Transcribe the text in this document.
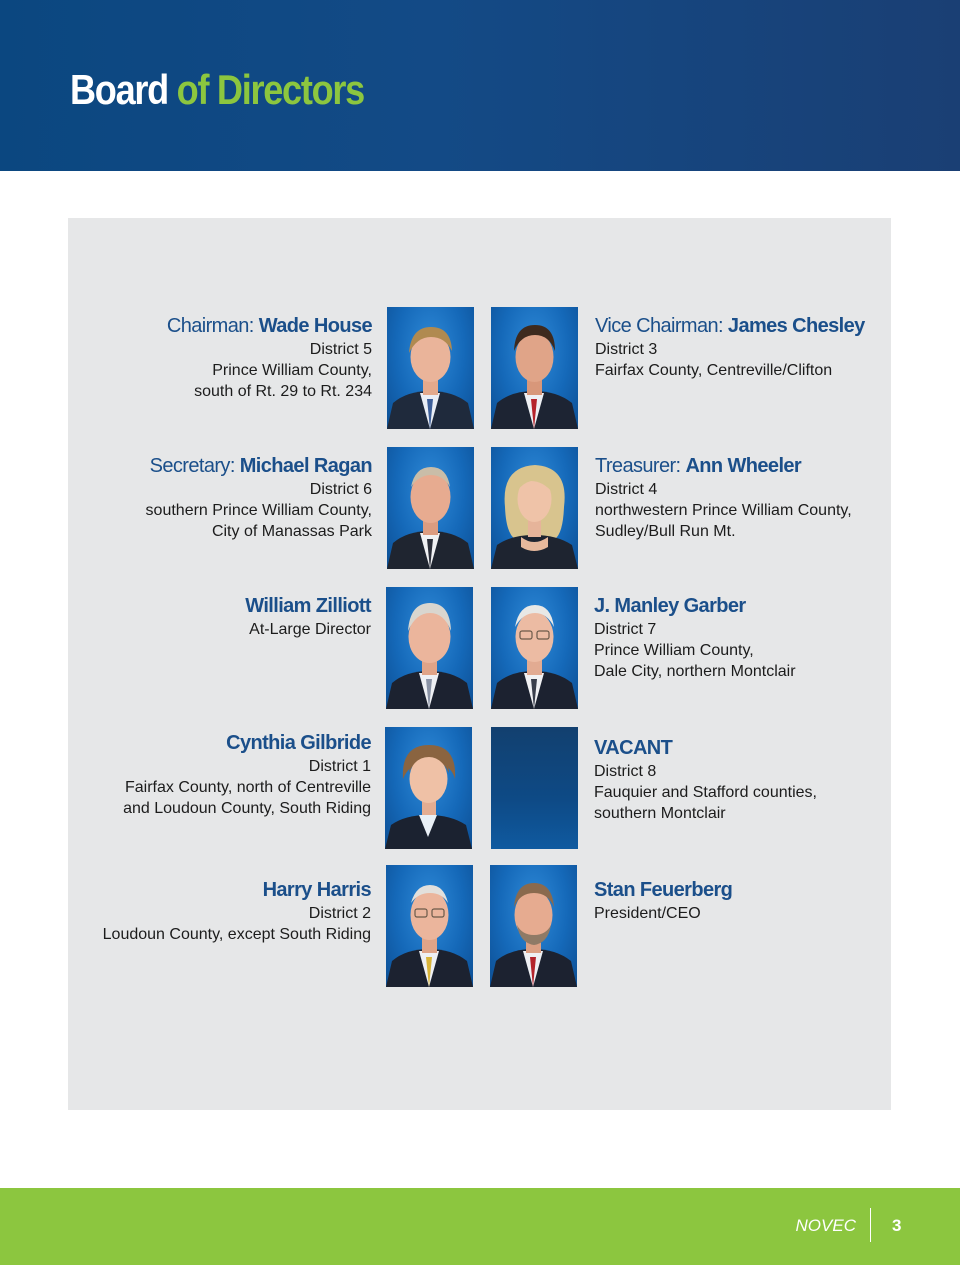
Board of Directors
Chairman: Wade House
District 5
Prince William County,
south of Rt. 29 to Rt. 234
Vice Chairman: James Chesley
District 3
Fairfax County, Centreville/Clifton
Secretary: Michael Ragan
District 6
southern Prince William County,
City of Manassas Park
Treasurer: Ann Wheeler
District 4
northwestern Prince William County,
Sudley/Bull Run Mt.
William Zilliott
At-Large Director
J. Manley Garber
District 7
Prince William County,
Dale City, northern Montclair
Cynthia Gilbride
District 1
Fairfax County, north of Centreville
and Loudoun County, South Riding
VACANT
District 8
Fauquier and Stafford counties,
southern Montclair
Harry Harris
District 2
Loudoun County, except South Riding
Stan Feuerberg
President/CEO
NOVEC 3
